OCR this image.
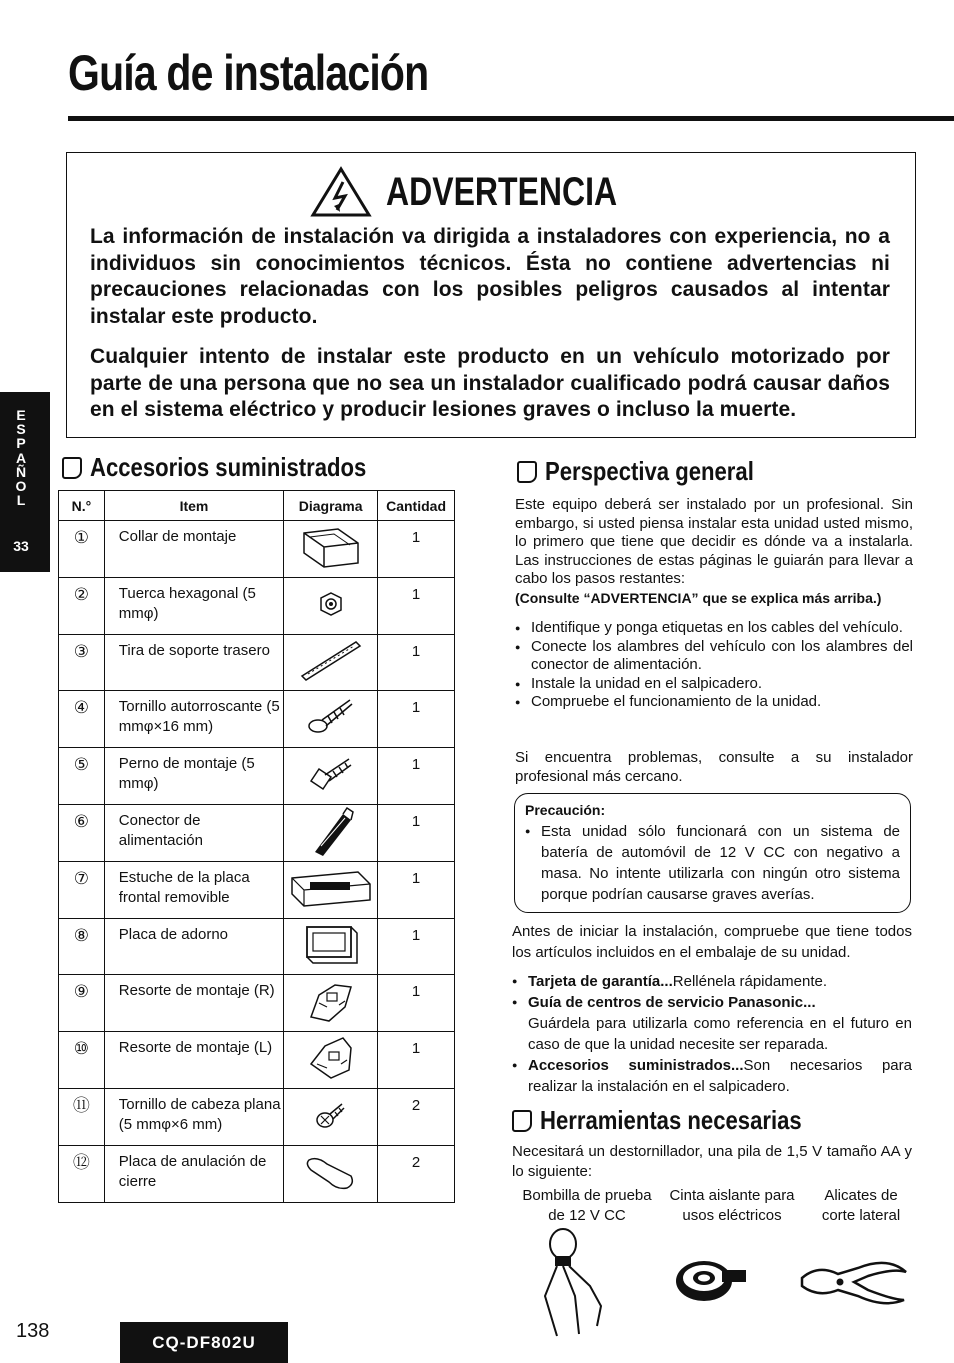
Guía de instalación
ADVERTENCIA
La información de instalación va dirigida a instaladores con experiencia, no a individuos sin conocimientos técnicos. Ésta no contiene advertencias ni precauciones relacionadas con los posibles peligros causados al intentar instalar este producto.
Cualquier intento de instalar este producto en un vehículo motorizado por parte de una persona que no sea un instalador cualificado podrá causar daños en el sistema eléctrico y producir lesiones graves o incluso la muerte.
E
S
P
A
Ñ
O
L
33
Accesorios suministrados
N.°	Item	Diagrama	Cantidad
①	Collar de montaje		1
②	Tuerca hexagonal (5 mmφ)		1
③	Tira de soporte trasero		1
④	Tornillo autorroscante (5 mmφ×16 mm)		1
⑤	Perno de montaje (5 mmφ)		1
⑥	Conector de alimentación		1
⑦	Estuche de la placa frontal removible		1
⑧	Placa de adorno		1
⑨	Resorte de montaje (R)		1
⑩	Resorte de montaje (L)		1
⑪	Tornillo de cabeza plana (5 mmφ×6 mm)		2
⑫	Placa de anulación de cierre		2
Perspectiva general
Este equipo deberá ser instalado por un profesional. Sin embargo, si usted piensa instalar esta unidad usted mismo, lo primero que tiene que decidir es dónde va a instalarla. Las instrucciones de estas páginas le guiarán para llevar a cabo los pasos restantes:
(Consulte “ADVERTENCIA” que se explica más arriba.)
● Identifique y ponga etiquetas en los cables del vehículo.
● Conecte los alambres del vehículo con los alambres del conector de alimentación.
● Instale la unidad en el salpicadero.
● Compruebe el funcionamiento de la unidad.
Si encuentra problemas, consulte a su instalador profesional más cercano.
Precaución:
● Esta unidad sólo funcionará con un sistema de batería de automóvil de 12 V CC con negativo a masa. No intente utilizarla con ningún otro sistema porque podrían causarse graves averías.
Antes de iniciar la instalación, compruebe que tiene todos los artículos incluidos en el embalaje de su unidad.
● Tarjeta de garantía...Rellénela rápidamente.
● Guía de centros de servicio Panasonic...
Guárdela para utilizarla como referencia en el futuro en caso de que la unidad necesite ser reparada.
● Accesorios suministrados...Son necesarios para realizar la instalación en el salpicadero.
Herramientas necesarias
Necesitará un destornillador, una pila de 1,5 V tamaño AA y lo siguiente:
Bombilla de prueba
de 12 V CC
Cinta aislante para
usos eléctricos
Alicates de
corte lateral
138	CQ-DF802U
